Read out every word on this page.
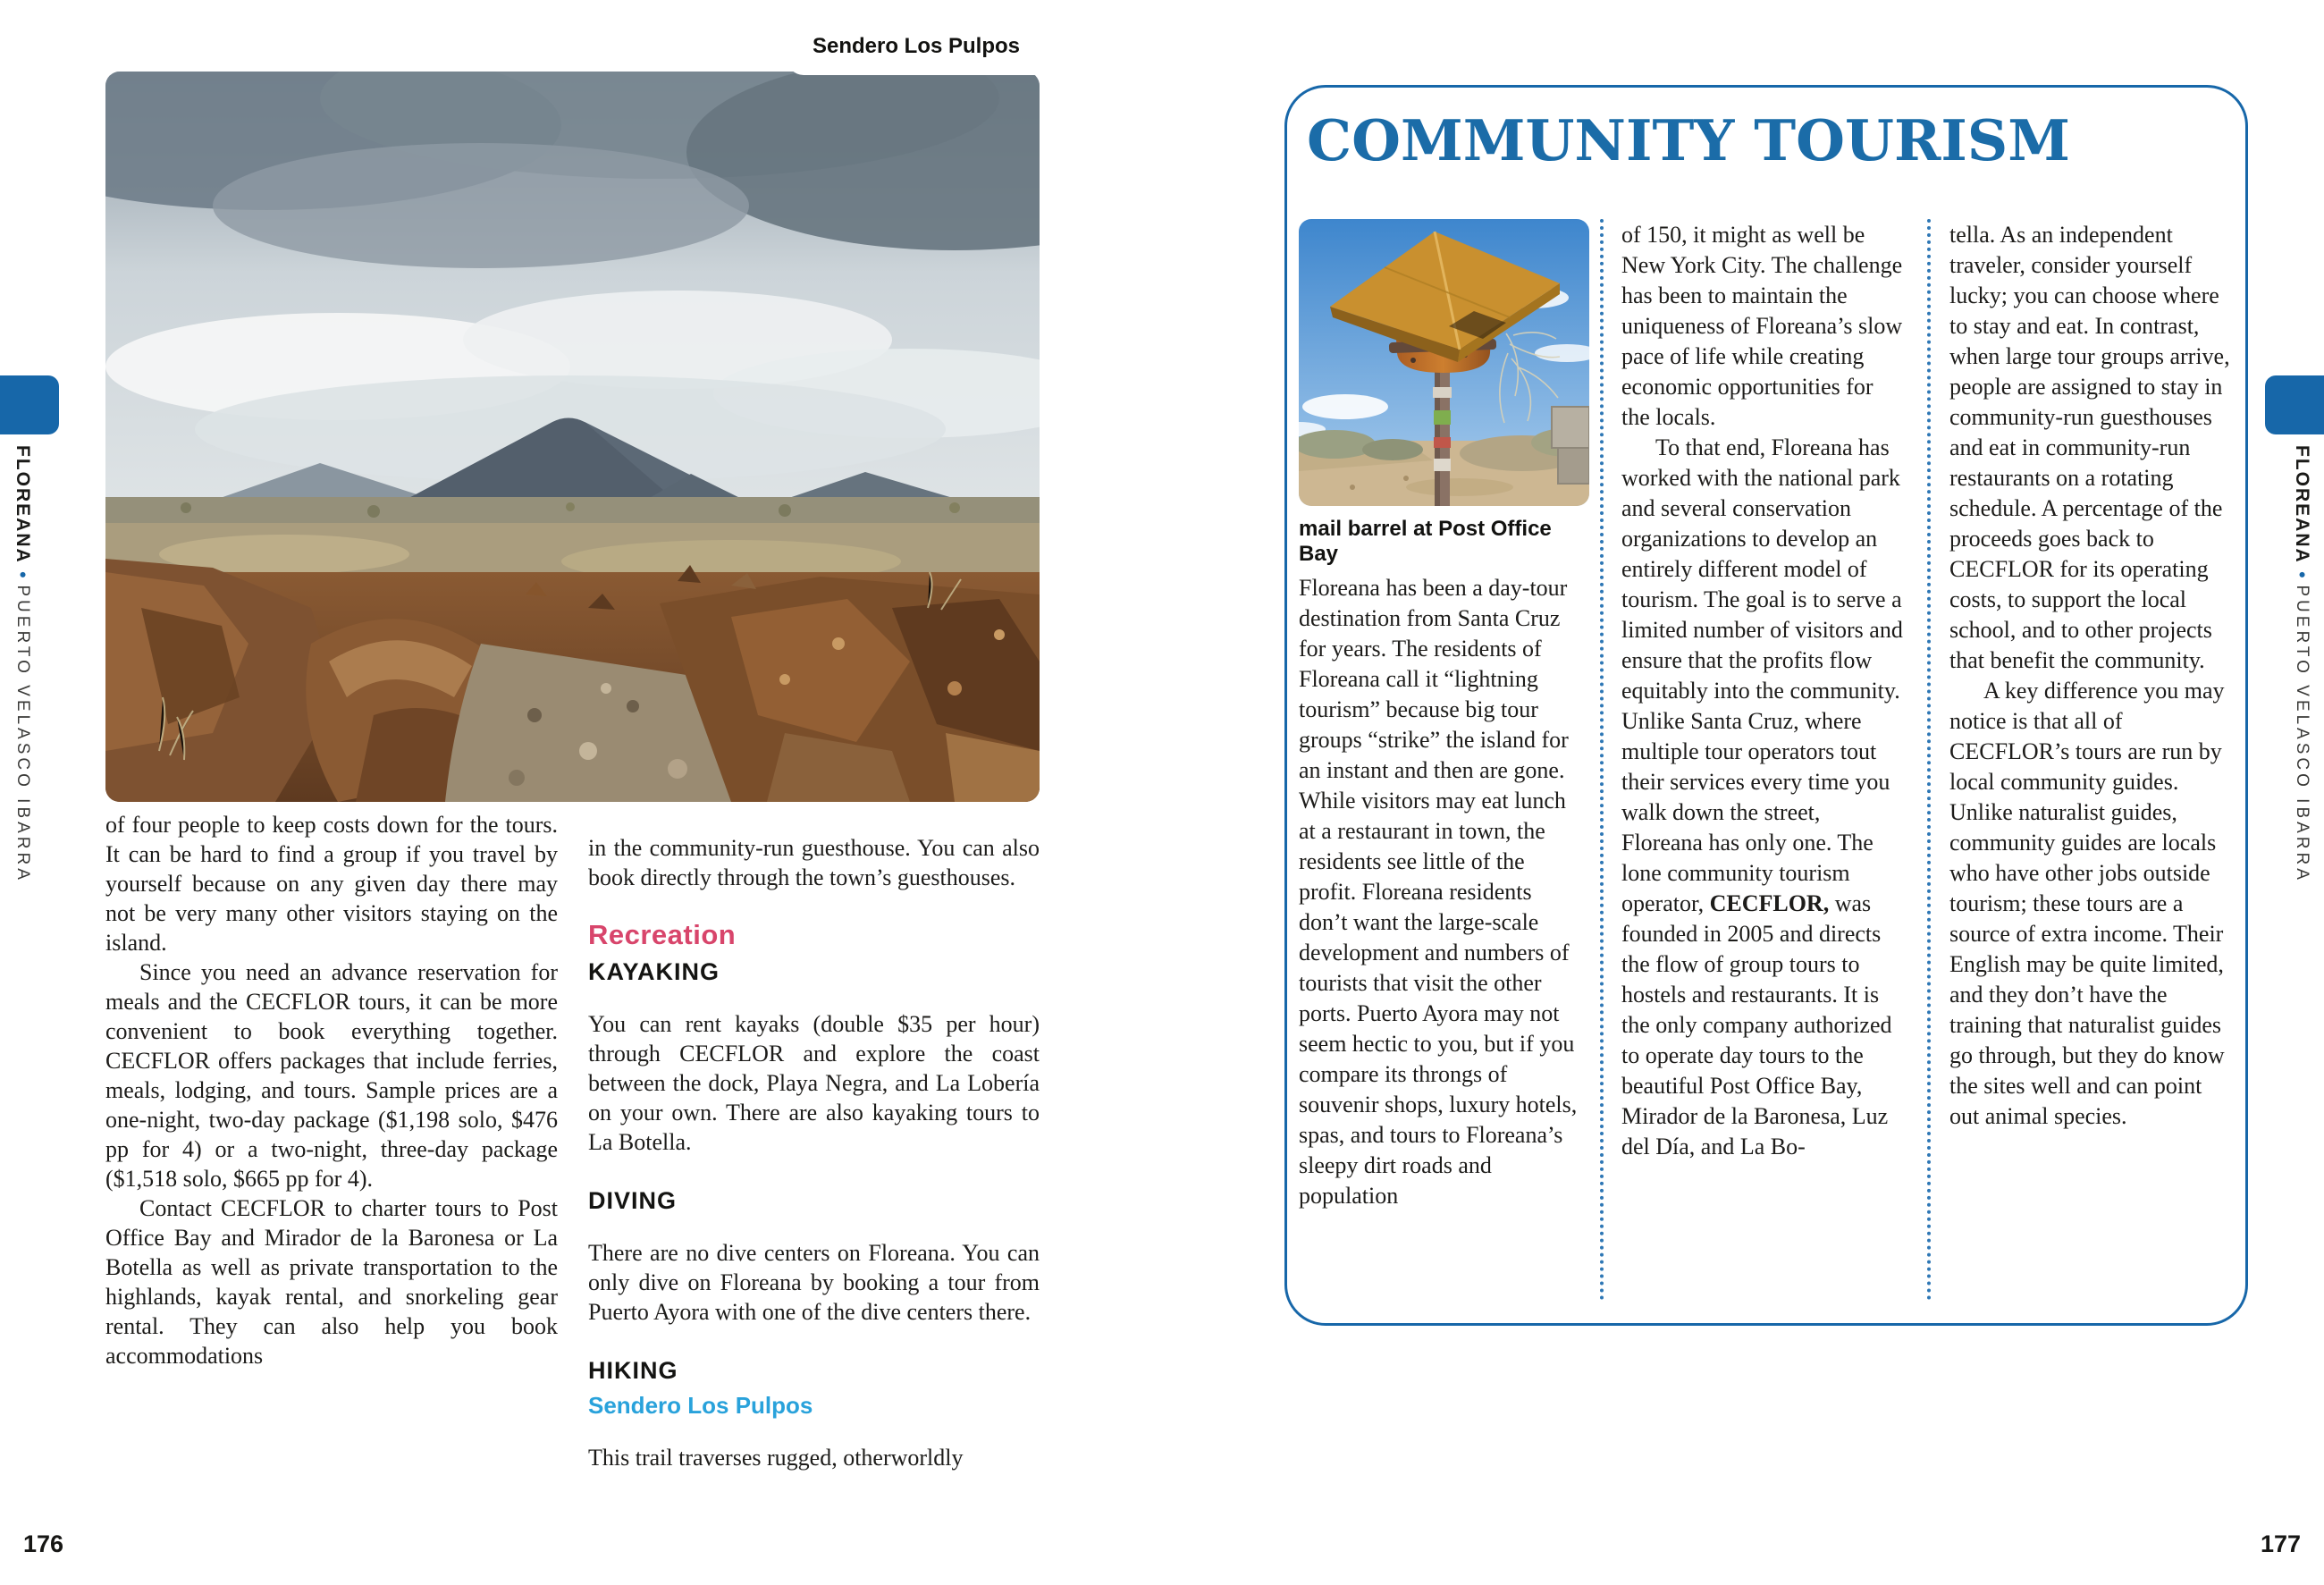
FLOREANA•PUERTO VELASCO IBARRA
176
Sendero Los Pulpos

of four people to keep costs down for the tours. It can be hard to find a group if you travel by yourself because on any given day there may not be very many other visitors staying on the island.

Since you need an advance reservation for meals and the CECFLOR tours, it can be more convenient to book everything together. CECFLOR offers packages that include ferries, meals, lodging, and tours. Sample prices are a one-night, two-day package ($1,198 solo, $476 pp for 4) or a two-night, three-day package ($1,518 solo, $665 pp for 4).

Contact CECFLOR to charter tours to Post Office Bay and Mirador de la Baronesa or La Botella as well as private transportation to the highlands, kayak rental, and snorkeling gear rental. They can also help you book accommodations

in the community-run guesthouse. You can also book directly through the town’s guesthouses.

Recreation
KAYAKING

You can rent kayaks (double $35 per hour) through CECFLOR and explore the coast between the dock, Playa Negra, and La Lobería on your own. There are also kayaking tours to La Botella.

DIVING

There are no dive centers on Floreana. You can only dive on Floreana by booking a tour from Puerto Ayora with one of the dive centers there.

HIKING
Sendero Los Pulpos

This trail traverses rugged, otherworldly

COMMUNITY TOURISM
mail barrel at Post Office Bay

Floreana has been a day-tour destination from Santa Cruz for years. The residents of Floreana call it “lightning tourism” because big tour groups “strike” the island for an instant and then are gone. While visitors may eat lunch at a restaurant in town, the residents see little of the profit. Floreana residents don’t want the large-scale development and numbers of tourists that visit the other ports. Puerto Ayora may not seem hectic to you, but if you compare its throngs of souvenir shops, luxury hotels, spas, and tours to Floreana’s sleepy dirt roads and population

of 150, it might as well be New York City. The challenge has been to maintain the uniqueness of Floreana’s slow pace of life while creating economic opportunities for the locals.

To that end, Floreana has worked with the national park and several conservation organizations to develop an entirely different model of tourism. The goal is to serve a limited number of visitors and ensure that the profits flow equitably into the community. Unlike Santa Cruz, where multiple tour operators tout their services every time you walk down the street, Floreana has only one. The lone community tourism operator, CECFLOR, was founded in 2005 and directs the flow of group tours to hostels and restaurants. It is the only company authorized to operate day tours to the beautiful Post Office Bay, Mirador de la Baronesa, Luz del Día, and La Bo-

tella. As an independent traveler, consider yourself lucky; you can choose where to stay and eat. In contrast, when large tour groups arrive, people are assigned to stay in community-run guesthouses and eat in community-run restaurants on a rotating schedule. A percentage of the proceeds goes back to CECFLOR for its operating costs, to support the local school, and to other projects that benefit the community.

A key difference you may notice is that all of CECFLOR’s tours are run by local community guides. Unlike naturalist guides, community guides are locals who have other jobs outside tourism; these tours are a source of extra income. Their English may be quite limited, and they don’t have the training that naturalist guides go through, but they do know the sites well and can point out animal species.

FLOREANA•PUERTO VELASCO IBARRA
177
